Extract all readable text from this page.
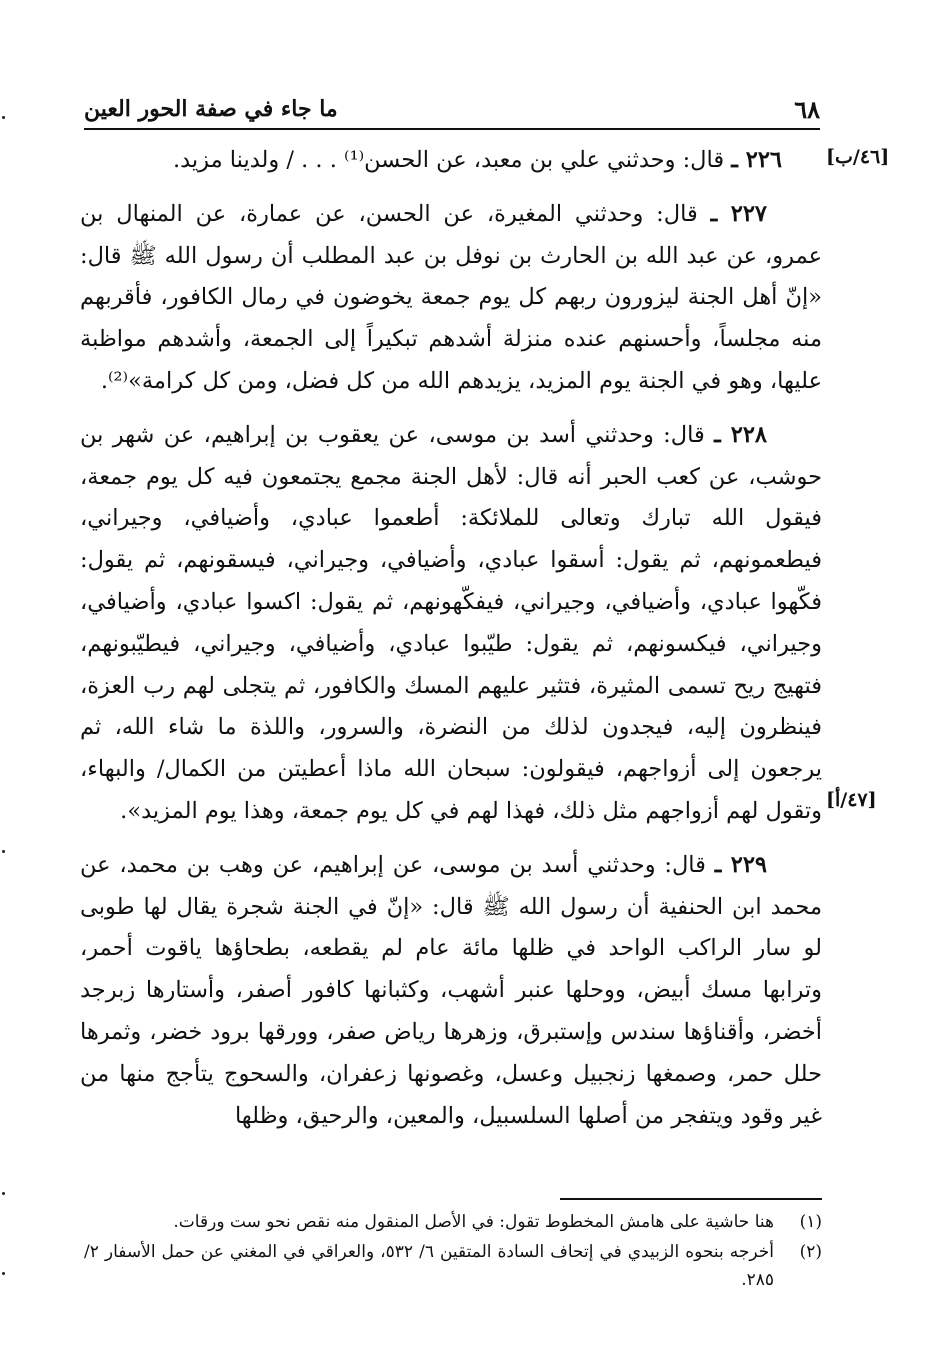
٦٨
ما جاء في صفة الحور العين
[٤٦/ب]
[٤٧/أ]

٢٢٦ ـ قال: وحدثني علي بن معبد، عن الحسن⁽¹⁾ . . . / ولدينا مزيد.

٢٢٧ ـ قال: وحدثني المغيرة، عن الحسن، عن عمارة، عن المنهال بن عمرو، عن عبد الله بن الحارث بن نوفل بن عبد المطلب أن رسول الله ﷺ قال: «إنّ أهل الجنة ليزورون ربهم كل يوم جمعة يخوضون في رمال الكافور، فأقربهم منه مجلساً، وأحسنهم عنده منزلة أشدهم تبكيراً إلى الجمعة، وأشدهم مواظبة عليها، وهو في الجنة يوم المزيد، يزيدهم الله من كل فضل، ومن كل كرامة»⁽²⁾.

٢٢٨ ـ قال: وحدثني أسد بن موسى، عن يعقوب بن إبراهيم، عن شهر بن حوشب، عن كعب الحبر أنه قال: لأهل الجنة مجمع يجتمعون فيه كل يوم جمعة، فيقول الله تبارك وتعالى للملائكة: أطعموا عبادي، وأضيافي، وجيراني، فيطعمونهم، ثم يقول: أسقوا عبادي، وأضيافي، وجيراني، فيسقونهم، ثم يقول: فكّهوا عبادي، وأضيافي، وجيراني، فيفكّهونهم، ثم يقول: اكسوا عبادي، وأضيافي، وجيراني، فيكسونهم، ثم يقول: طيّبوا عبادي، وأضيافي، وجيراني، فيطيّبونهم، فتهيج ريح تسمى المثيرة، فتثير عليهم المسك والكافور، ثم يتجلى لهم رب العزة، فينظرون إليه، فيجدون لذلك من النضرة، والسرور، واللذة ما شاء الله، ثم يرجعون إلى أزواجهم، فيقولون: سبحان الله ماذا أعطيتن من الكمال/ والبهاء، وتقول لهم أزواجهم مثل ذلك، فهذا لهم في كل يوم جمعة، وهذا يوم المزيد».

٢٢٩ ـ قال: وحدثني أسد بن موسى، عن إبراهيم، عن وهب بن محمد، عن محمد ابن الحنفية أن رسول الله ﷺ قال: «إنّ في الجنة شجرة يقال لها طوبى لو سار الراكب الواحد في ظلها مائة عام لم يقطعه، بطحاؤها ياقوت أحمر، وترابها مسك أبيض، ووحلها عنبر أشهب، وكثبانها كافور أصفر، وأستارها زبرجد أخضر، وأقناؤها سندس وإستبرق، وزهرها رياض صفر، وورقها برود خضر، وثمرها حلل حمر، وصمغها زنجبيل وعسل، وغصونها زعفران، والسحوج يتأجج منها من غير وقود ويتفجر من أصلها السلسبيل، والمعين، والرحيق، وظلها

(١)
هنا حاشية على هامش المخطوط تقول: في الأصل المنقول منه نقص نحو ست ورقات.

(٢)
أخرجه بنحوه الزبيدي في إتحاف السادة المتقين ٦/ ٥٣٢، والعراقي في المغني عن حمل الأسفار ٢/ ٢٨٥.
